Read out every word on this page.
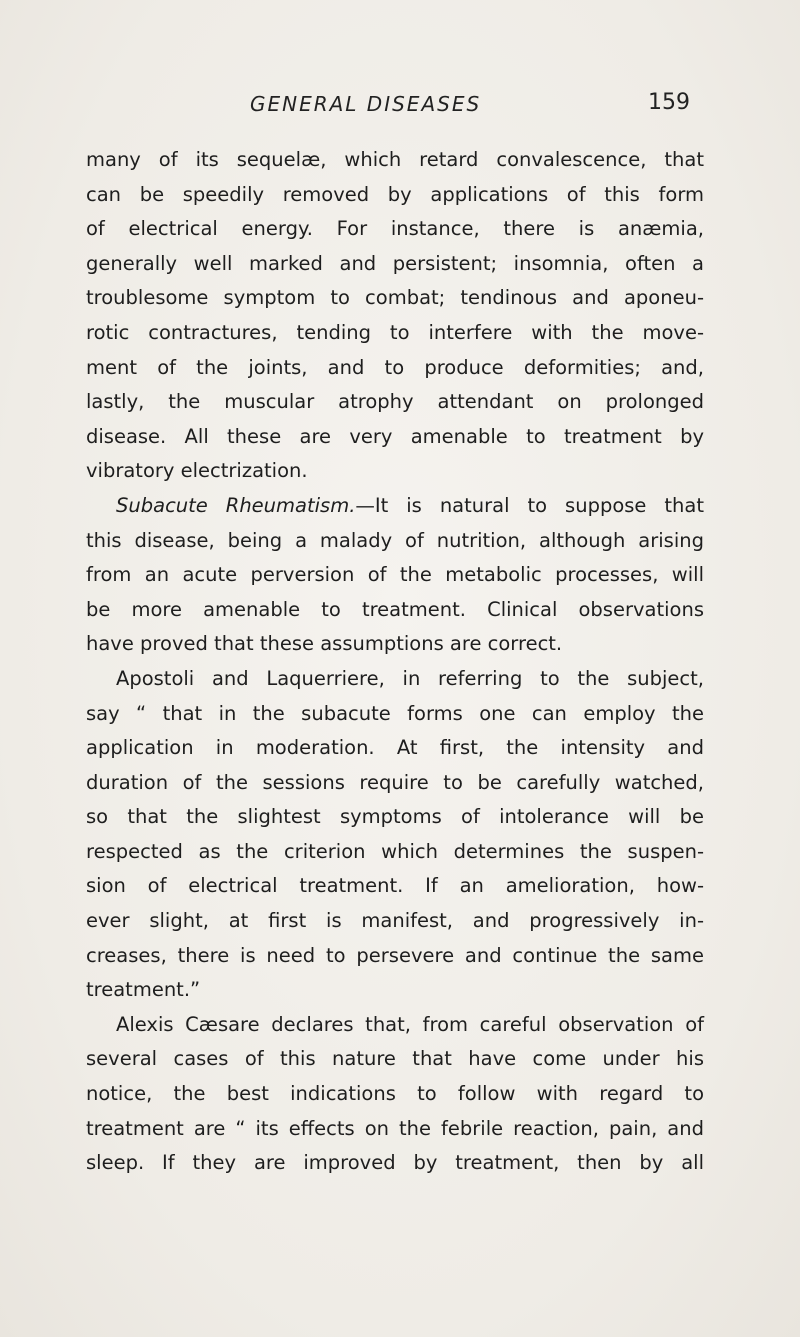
GENERAL DISEASES	159
many of its sequelæ, which retard convalescence, that
can be speedily removed by applications of this form
of electrical energy. For instance, there is anæmia,
generally well marked and persistent; insomnia, often a
troublesome symptom to combat; tendinous and aponeu-
rotic contractures, tending to interfere with the move-
ment of the joints, and to produce deformities; and,
lastly, the muscular atrophy attendant on prolonged
disease. All these are very amenable to treatment by
vibratory electrization.
Subacute Rheumatism.—It is natural to suppose that
this disease, being a malady of nutrition, although arising
from an acute perversion of the metabolic processes, will
be more amenable to treatment. Clinical observations
have proved that these assumptions are correct.
Apostoli and Laquerriere, in referring to the subject,
say “ that in the subacute forms one can employ the
application in moderation. At first, the intensity and
duration of the sessions require to be carefully watched,
so that the slightest symptoms of intolerance will be
respected as the criterion which determines the suspen-
sion of electrical treatment. If an amelioration, how-
ever slight, at first is manifest, and progressively in-
creases, there is need to persevere and continue the same
treatment.”
Alexis Cæsare declares that, from careful observation of
several cases of this nature that have come under his
notice, the best indications to follow with regard to
treatment are “ its effects on the febrile reaction, pain, and
sleep. If they are improved by treatment, then by all
